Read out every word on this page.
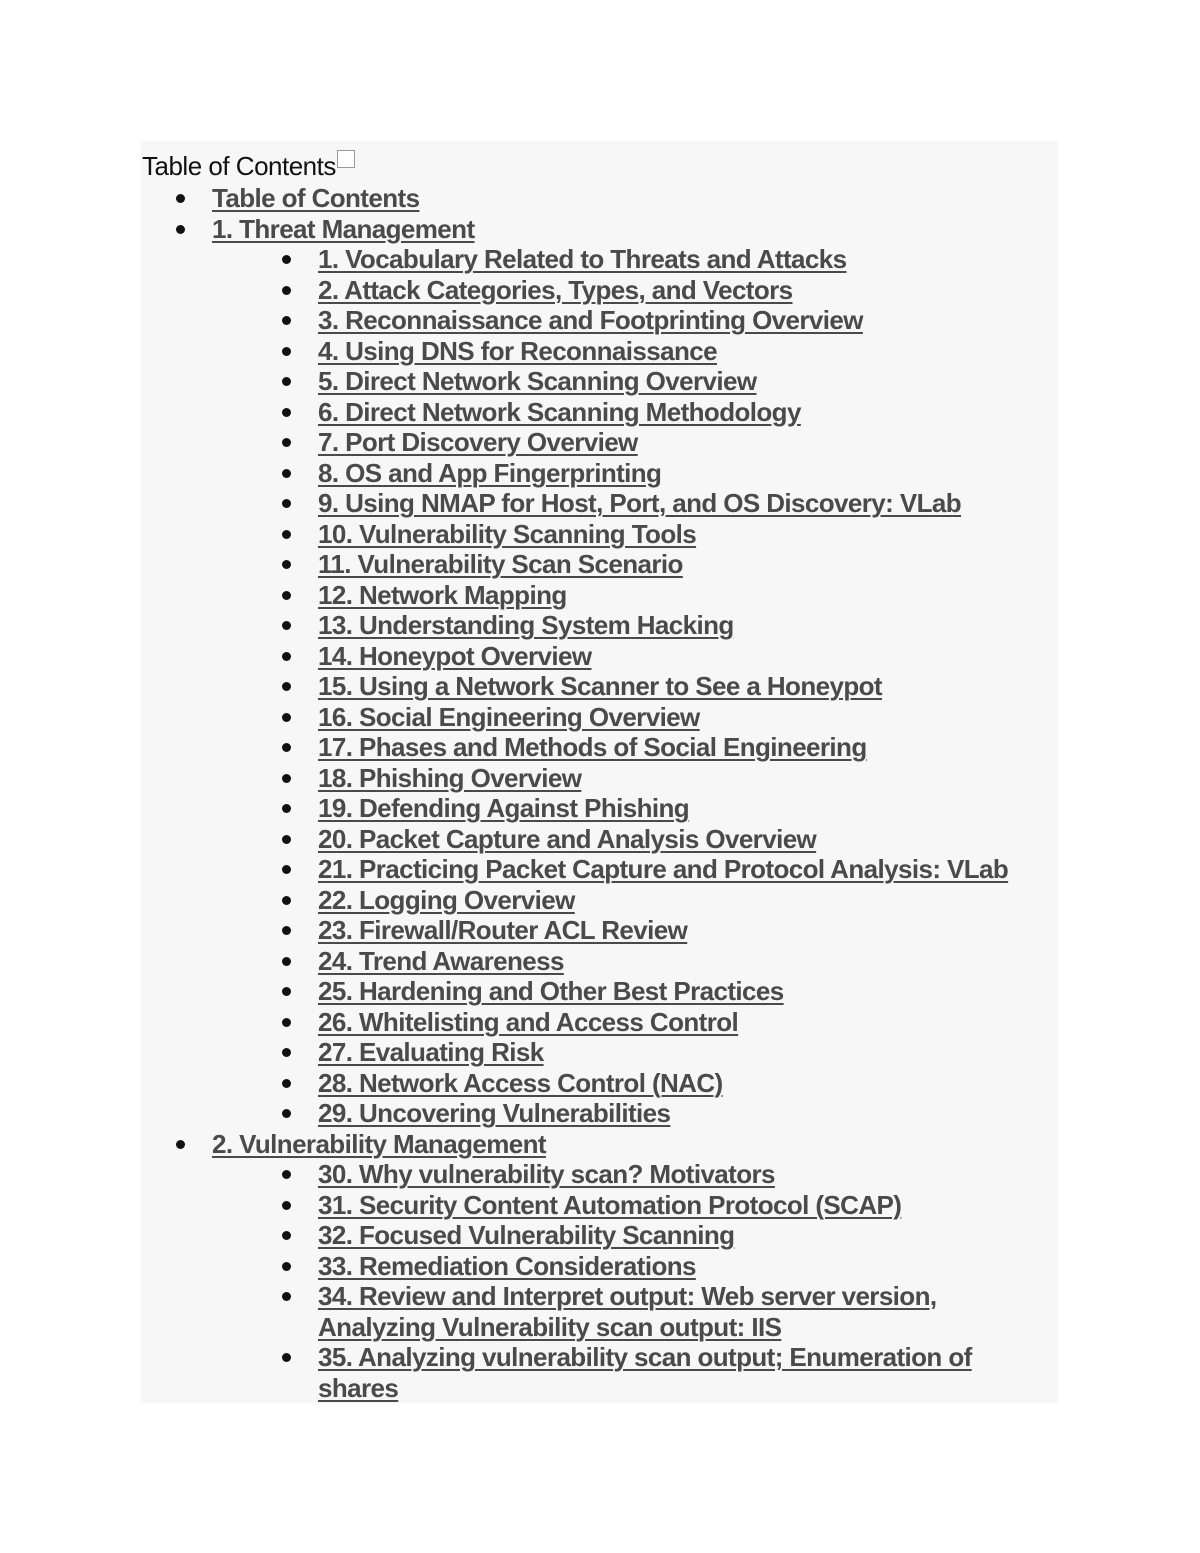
Table of Contents
Table of Contents
1. Threat Management
1. Vocabulary Related to Threats and Attacks
2. Attack Categories, Types, and Vectors
3. Reconnaissance and Footprinting Overview
4. Using DNS for Reconnaissance
5. Direct Network Scanning Overview
6. Direct Network Scanning Methodology
7. Port Discovery Overview
8. OS and App Fingerprinting
9. Using NMAP for Host, Port, and OS Discovery: VLab
10. Vulnerability Scanning Tools
11. Vulnerability Scan Scenario
12. Network Mapping
13. Understanding System Hacking
14. Honeypot Overview
15. Using a Network Scanner to See a Honeypot
16. Social Engineering Overview
17. Phases and Methods of Social Engineering
18. Phishing Overview
19. Defending Against Phishing
20. Packet Capture and Analysis Overview
21. Practicing Packet Capture and Protocol Analysis: VLab
22. Logging Overview
23. Firewall/Router ACL Review
24. Trend Awareness
25. Hardening and Other Best Practices
26. Whitelisting and Access Control
27. Evaluating Risk
28. Network Access Control (NAC)
29. Uncovering Vulnerabilities
2. Vulnerability Management
30. Why vulnerability scan? Motivators
31. Security Content Automation Protocol (SCAP)
32. Focused Vulnerability Scanning
33. Remediation Considerations
34. Review and Interpret output: Web server version, Analyzing Vulnerability scan output: IIS
35. Analyzing vulnerability scan output; Enumeration of shares
